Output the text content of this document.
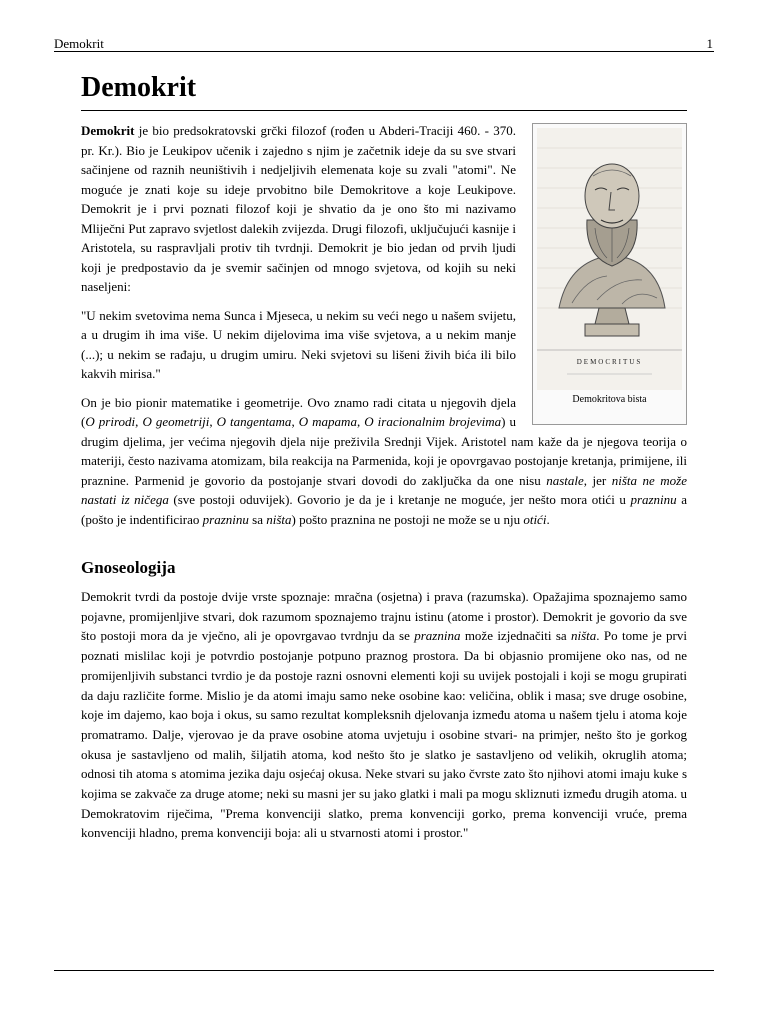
Demokrit	1
Demokrit
DEMOCRITUS
Demokritova bista

Demokrit je bio predsokratovski grčki filozof (rođen u Abderi-Traciji 460. - 370. pr. Kr.). Bio je Leukipov učenik i zajedno s njim je začetnik ideje da su sve stvari sačinjene od raznih neuništivih i nedjeljivih elemenata koje su zvali "atomi". Ne moguće je znati koje su ideje prvobitno bile Demokritove a koje Leukipove. Demokrit je i prvi poznati filozof koji je shvatio da je ono što mi nazivamo Mliječni Put zapravo svjetlost dalekih zvijezda. Drugi filozofi, uključujući kasnije i Aristotela, su raspravljali protiv tih tvrdnji. Demokrit je bio jedan od prvih ljudi koji je predpostavio da je svemir sačinjen od mnogo svjetova, od kojih su neki naseljeni:

"U nekim svetovima nema Sunca i Mjeseca, u nekim su veći nego u našem svijetu, a u drugim ih ima više. U nekim dijelovima ima više svjetova, a u nekim manje (...); u nekim se rađaju, u drugim umiru. Neki svjetovi su lišeni živih bića ili bilo kakvih mirisa."

On je bio pionir matematike i geometrije. Ovo znamo radi citata u njegovih djela (O prirodi, O geometriji, O tangentama, O mapama, O iracionalnim brojevima) u drugim djelima, jer većima njegovih djela nije preživila Srednji Vijek. Aristotel nam kaže da je njegova teorija o materiji, često nazivama atomizam, bila reakcija na Parmenida, koji je opovrgavao postojanje kretanja, primijene, ili praznine. Parmenid je govorio da postojanje stvari dovodi do zaključka da one nisu nastale, jer ništa ne može nastati iz ničega (sve postoji oduvijek). Govorio je da je i kretanje ne moguće, jer nešto mora otići u prazninu a (pošto je indentificirao prazninu sa ništa) pošto praznina ne postoji ne može se u nju otići.

Gnoseologija

Demokrit tvrdi da postoje dvije vrste spoznaje: mračna (osjetna) i prava (razumska). Opažajima spoznajemo samo pojavne, promijenljive stvari, dok razumom spoznajemo trajnu istinu (atome i prostor). Demokrit je govorio da sve što postoji mora da je vječno, ali je opovrgavao tvrdnju da se praznina može izjednačiti sa ništa. Po tome je prvi poznati mislilac koji je potvrdio postojanje potpuno praznog prostora. Da bi objasnio promijene oko nas, od ne promijenljivih substanci tvrdio je da postoje razni osnovni elementi koji su uvijek postojali i koji se mogu grupirati da daju različite forme. Mislio je da atomi imaju samo neke osobine kao: veličina, oblik i masa; sve druge osobine, koje im dajemo, kao boja i okus, su samo rezultat kompleksnih djelovanja između atoma u našem tjelu i atoma koje promatramo. Dalje, vjerovao je da prave osobine atoma uvjetuju i osobine stvari- na primjer, nešto što je gorkog okusa je sastavljeno od malih, šiljatih atoma, kod nešto što je slatko je sastavljeno od velikih, okruglih atoma; odnosi tih atoma s atomima jezika daju osjećaj okusa. Neke stvari su jako čvrste zato što njihovi atomi imaju kuke s kojima se zakvače za druge atome; neki su masni jer su jako glatki i mali pa mogu skliznuti između drugih atoma. u Demokratovim riječima, "Prema konvenciji slatko, prema konvenciji gorko, prema konvenciji vruće, prema konvenciji hladno, prema konvenciji boja: ali u stvarnosti atomi i prostor."
